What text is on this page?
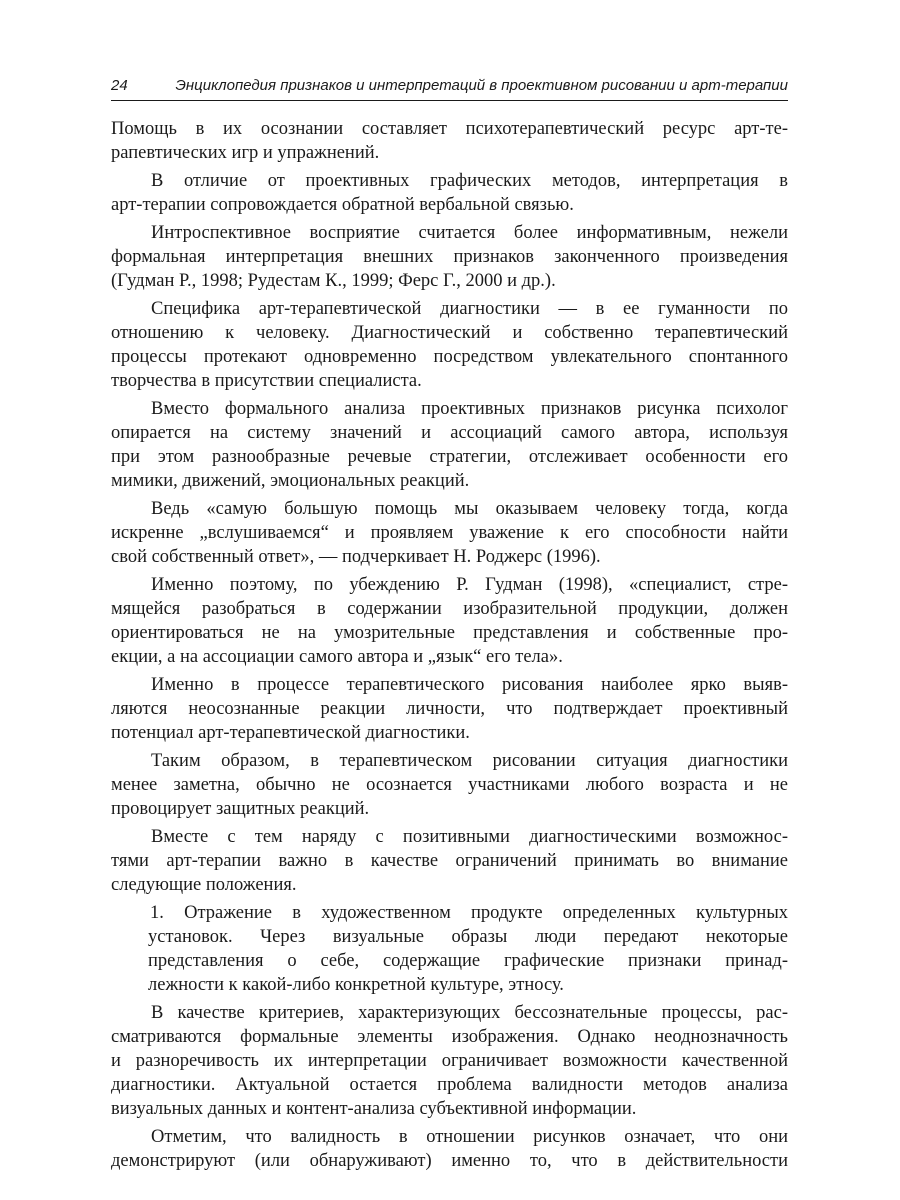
24	Энциклопедия признаков и интерпретаций в проективном рисовании и арт-терапии
Помощь в их осознании составляет психотерапевтический ресурс арт-те-
рапевтических игр и упражнений.
В отличие от проективных графических методов, интерпретация в
арт-терапии сопровождается обратной вербальной связью.
Интроспективное восприятие считается более информативным, нежели
формальная интерпретация внешних признаков законченного произведения
(Гудман Р., 1998; Рудестам К., 1999; Ферс Г., 2000 и др.).
Специфика арт-терапевтической диагностики — в ее гуманности по
отношению к человеку. Диагностический и собственно терапевтический
процессы протекают одновременно посредством увлекательного спонтанного
творчества в присутствии специалиста.
Вместо формального анализа проективных признаков рисунка психолог
опирается на систему значений и ассоциаций самого автора, используя
при этом разнообразные речевые стратегии, отслеживает особенности его
мимики, движений, эмоциональных реакций.
Ведь «самую большую помощь мы оказываем человеку тогда, когда
искренне „вслушиваемся“ и проявляем уважение к его способности найти
свой собственный ответ», — подчеркивает Н. Роджерс (1996).
Именно поэтому, по убеждению Р. Гудман (1998), «специалист, стре-
мящейся разобраться в содержании изобразительной продукции, должен
ориентироваться не на умозрительные представления и собственные про-
екции, а на ассоциации самого автора и „язык“ его тела».
Именно в процессе терапевтического рисования наиболее ярко выяв-
ляются неосознанные реакции личности, что подтверждает проективный
потенциал арт-терапевтической диагностики.
Таким образом, в терапевтическом рисовании ситуация диагностики
менее заметна, обычно не осознается участниками любого возраста и не
провоцирует защитных реакций.
Вместе с тем наряду с позитивными диагностическими возможнос-
тями арт-терапии важно в качестве ограничений принимать во внимание
следующие положения.
1. Отражение в художественном продукте определенных культурных
установок. Через визуальные образы люди передают некоторые
представления о себе, содержащие графические признаки принад-
лежности к какой-либо конкретной культуре, этносу.
В качестве критериев, характеризующих бессознательные процессы, рас-
сматриваются формальные элементы изображения. Однако неоднозначность
и разноречивость их интерпретации ограничивает возможности качественной
диагностики. Актуальной остается проблема валидности методов анализа
визуальных данных и контент-анализа субъективной информации.
Отметим, что валидность в отношении рисунков означает, что они
демонстрируют (или обнаруживают) именно то, что в действительности
